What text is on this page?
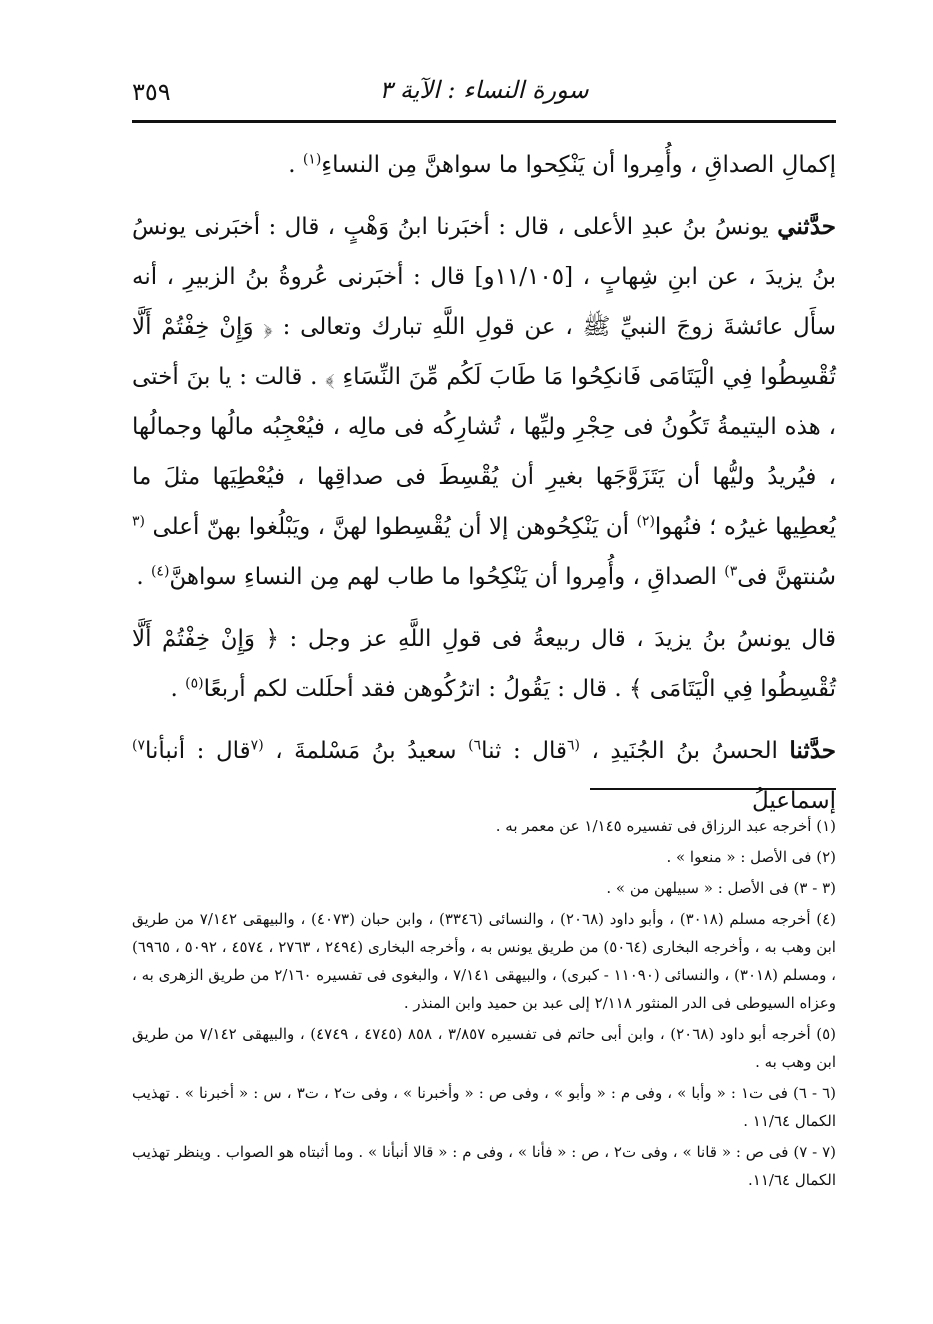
سورة النساء : الآية ٣
٣٥٩

إكمالِ الصداقِ ، وأُمِروا أن يَنْكِحوا ما سواهنَّ مِن النساءِ$^{(١)}$ .

حدَّثني يونسُ بنُ عبدِ الأعلى ، قال : أخبَرنا ابنُ وَهْبٍ ، قال : أخبَرنى يونسُ بنُ يزيدَ ، عن ابنِ شِهابٍ ، [١١/١٠٥و] قال : أخبَرنى عُروةُ بنُ الزبيرِ ، أنه سأَل عائشةَ زوجَ النبيِّ ﷺ ، عن قولِ اللَّهِ تبارك وتعالى : ﴿ وَإِنْ خِفْتُمْ أَلَّا تُقْسِطُوا فِي الْيَتَامَى فَانكِحُوا مَا طَابَ لَكُم مِّنَ النِّسَاءِ ﴾ . قالت : يا بنَ أختى ، هذه اليتيمةُ تَكُونُ فى حِجْرِ وليِّها ، تُشارِكُه فى مالِه ، فيُعْجِبُه مالُها وجمالُها ، فيُريدُ وليُّها أن يَتَزَوَّجَها بغيرِ أن يُقْسِطَ فى صداقِها ، فيُعْطِيَها مثلَ ما يُعطِيها غيرُه ؛ فنُهوا$^{(٢)}$ أن يَنْكِحُوهن إلا أن يُقْسِطوا لهنَّ ، ويَبْلُغوا بهنّ أعلى $^{(٣}$ سُنتهنَّ فى$^{٣)}$ الصداقِ ، وأُمِروا أن يَنْكِحُوا ما طاب لهم مِن النساءِ سواهنَّ$^{(٤)}$ .

قال يونسُ بنُ يزيدَ ، قال ربيعةُ فى قولِ اللَّهِ عز وجل : ﴿ وَإِنْ خِفْتُمْ أَلَّا تُقْسِطُوا فِي الْيَتَامَى ﴾ . قال : يَقُولُ : اترُكُوهن فقد أحلَلت لكم أربعًا$^{(٥)}$ .

حدَّثنا الحسنُ بنُ الجُنَيدِ ، $^{(٦}$قال : ثنا$^{٦)}$ سعيدُ بنُ مَسْلمةَ ، $^{(٧}$قال : أنبأنا$^{٧)}$ إسماعيلُ

(١) أخرجه عبد الرزاق فى تفسيره ١/١٤٥ عن معمر به .

(٢) فى الأصل : « منعوا » .

(٣ - ٣) فى الأصل : « سبيلهن من » .

(٤) أخرجه مسلم (٣٠١٨) ، وأبو داود (٢٠٦٨) ، والنسائى (٣٣٤٦) ، وابن حبان (٤٠٧٣) ، والبيهقى ٧/١٤٢ من طريق ابن وهب به ، وأخرجه البخارى (٥٠٦٤) من طريق يونس به ، وأخرجه البخارى (٢٤٩٤ ، ٢٧٦٣ ، ٤٥٧٤ ، ٥٠٩٢ ، ٦٩٦٥) ، ومسلم (٣٠١٨) ، والنسائى (١١٠٩٠ - كبرى) ، والبيهقى ٧/١٤١ ، والبغوى فى تفسيره ٢/١٦٠ من طريق الزهرى به ، وعزاه السيوطى فى الدر المنثور ٢/١١٨ إلى عبد بن حميد وابن المنذر .

(٥) أخرجه أبو داود (٢٠٦٨) ، وابن أبى حاتم فى تفسيره ٣/٨٥٧ ، ٨٥٨ (٤٧٤٥ ، ٤٧٤٩) ، والبيهقى ٧/١٤٢ من طريق ابن وهب به .

(٦ - ٦) فى ت١ : « وأبا » ، وفى م : « وأبو » ، وفى ص : « وأخبرنا » ، وفى ت٢ ، ت٣ ، س : « أخبرنا » . تهذيب الكمال ١١/٦٤ .

(٧ - ٧) فى ص : « قانا » ، وفى ت٢ ، ص : « فأنا » ، وفى م : « قالا أنبأنا » . وما أثبتاه هو الصواب . وينظر تهذيب الكمال ١١/٦٤.
